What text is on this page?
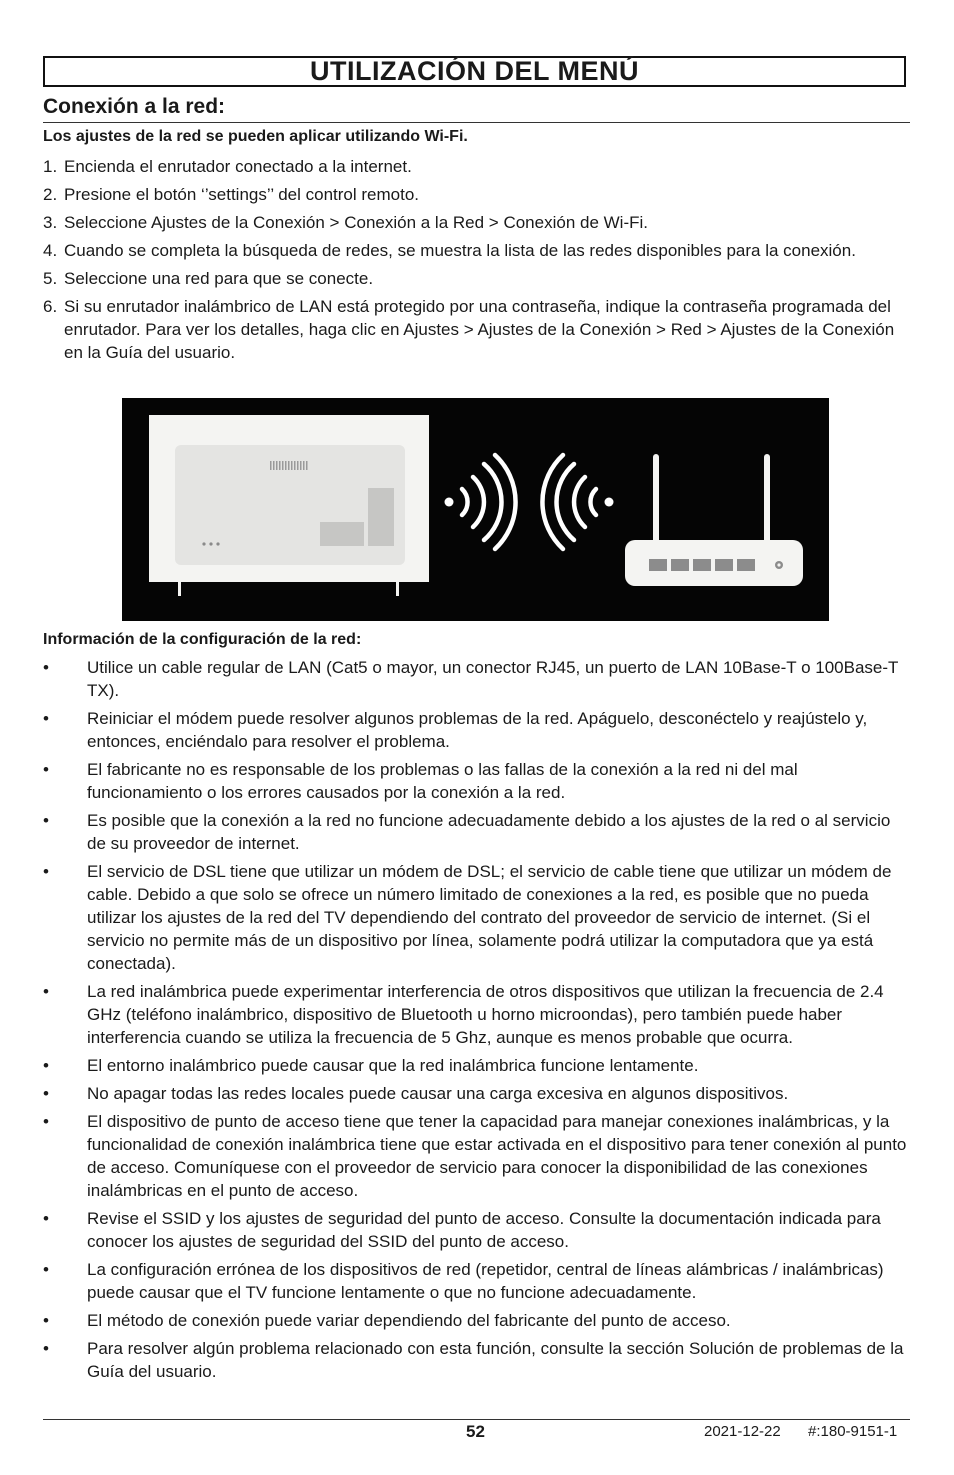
UTILIZACIÓN DEL MENÚ
Conexión a la red:
Los ajustes de la red se pueden aplicar utilizando Wi-Fi.
1. Encienda el enrutador conectado a la internet.
2. Presione el botón ‘’settings’’ del control remoto.
3. Seleccione Ajustes de la Conexión > Conexión a la Red > Conexión de Wi-Fi.
4. Cuando se completa la búsqueda de redes, se muestra la lista de las redes disponibles para la conexión.
5. Seleccione una red para que se conecte.
6. Si su enrutador inalámbrico de LAN está protegido por una contraseña, indique la contraseña programada del enrutador. Para ver los detalles, haga clic en Ajustes > Ajustes de la Conexión > Red > Ajustes de la Conexión en la Guía del usuario.
Información de la configuración de la red:
•	Utilice un cable regular de LAN (Cat5 o mayor, un conector RJ45, un puerto de LAN 10Base-T o 100Base-T TX).
•	Reiniciar el módem puede resolver algunos problemas de la red. Apáguelo, desconéctelo y reajústelo y, entonces, enciéndalo para resolver el problema.
•	El fabricante no es responsable de los problemas o las fallas de la conexión a la red ni del mal funcionamiento o los errores causados por la conexión a la red.
•	Es posible que la conexión a la red no funcione adecuadamente debido a los ajustes de la red o al servicio de su proveedor de internet.
•	El servicio de DSL tiene que utilizar un módem de DSL; el servicio de cable tiene que utilizar un módem de cable. Debido a que solo se ofrece un número limitado de conexiones a la red, es posible que no pueda utilizar los ajustes de la red del TV dependiendo del contrato del proveedor de servicio de internet. (Si el servicio no permite más de un dispositivo por línea, solamente podrá utilizar la computadora que ya está conectada).
•	La red inalámbrica puede experimentar interferencia de otros dispositivos que utilizan la frecuencia de 2.4 GHz (teléfono inalámbrico, dispositivo de Bluetooth u horno microondas), pero también puede haber interferencia cuando se utiliza la frecuencia de 5 Ghz, aunque es menos probable que ocurra.
•	El entorno inalámbrico puede causar que la red inalámbrica funcione lentamente.
•	No apagar todas las redes locales puede causar una carga excesiva en algunos dispositivos.
•	El dispositivo de punto de acceso tiene que tener la capacidad para manejar conexiones inalámbricas, y la funcionalidad de conexión inalámbrica tiene que estar activada en el dispositivo para tener conexión al punto de acceso. Comuníquese con el proveedor de servicio para conocer la disponibilidad de las conexiones inalámbricas en el punto de acceso.
•	Revise el SSID y los ajustes de seguridad del punto de acceso. Consulte la documentación indicada para conocer los ajustes de seguridad del SSID del punto de acceso.
•	La configuración errónea de los dispositivos de red (repetidor, central de líneas alámbricas / inalámbricas) puede causar que el TV funcione lentamente o que no funcione adecuadamente.
•	El método de conexión puede variar dependiendo del fabricante del punto de acceso.
•	Para resolver algún problema relacionado con esta función, consulte la sección Solución de problemas de la Guía del usuario.
52	2021-12-22 #:180-9151-1
